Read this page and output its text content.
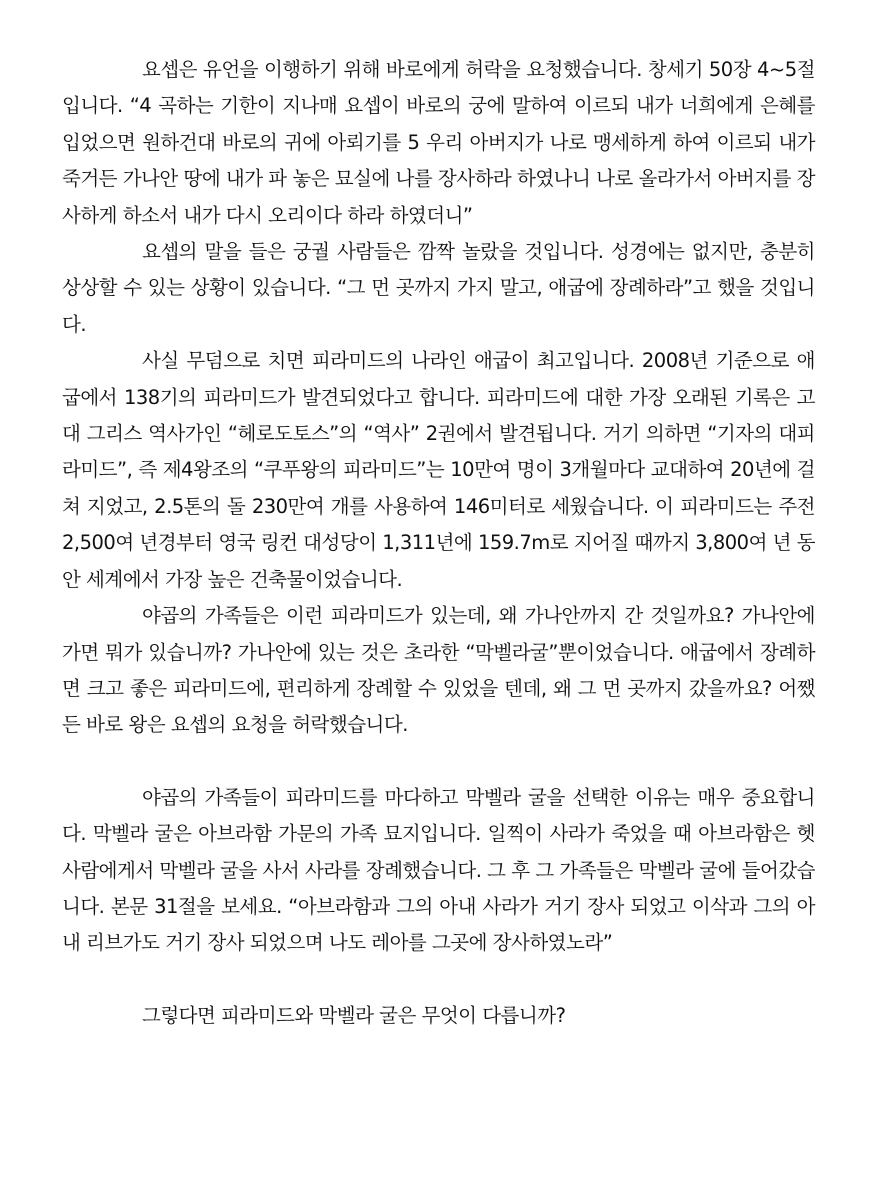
요셉은 유언을 이행하기 위해 바로에게 허락을 요청했습니다. 창세기 50장 4~5절입니다. “4 곡하는 기한이 지나매 요셉이 바로의 궁에 말하여 이르되 내가 너희에게 은혜를 입었으면 원하건대 바로의 귀에 아뢰기를 5 우리 아버지가 나로 맹세하게 하여 이르되 내가 죽거든 가나안 땅에 내가 파 놓은 묘실에 나를 장사하라 하였나니 나로 올라가서 아버지를 장사하게 하소서 내가 다시 오리이다 하라 하였더니”

요셉의 말을 들은 궁궐 사람들은 깜짝 놀랐을 것입니다. 성경에는 없지만, 충분히 상상할 수 있는 상황이 있습니다. “그 먼 곳까지 가지 말고, 애굽에 장례하라”고 했을 것입니다.

사실 무덤으로 치면 피라미드의 나라인 애굽이 최고입니다. 2008년 기준으로 애굽에서 138기의 피라미드가 발견되었다고 합니다. 피라미드에 대한 가장 오래된 기록은 고대 그리스 역사가인 “헤로도토스”의 “역사” 2권에서 발견됩니다. 거기 의하면 “기자의 대피라미드”, 즉 제4왕조의 “쿠푸왕의 피라미드”는 10만여 명이 3개월마다 교대하여 20년에 걸쳐 지었고, 2.5톤의 돌 230만여 개를 사용하여 146미터로 세웠습니다. 이 피라미드는 주전 2,500여 년경부터 영국 링컨 대성당이 1,311년에 159.7m로 지어질 때까지 3,800여 년 동안 세계에서 가장 높은 건축물이었습니다.

야곱의 가족들은 이런 피라미드가 있는데, 왜 가나안까지 간 것일까요? 가나안에 가면 뭐가 있습니까? 가나안에 있는 것은 초라한 “막벨라굴”뿐이었습니다. 애굽에서 장례하면 크고 좋은 피라미드에, 편리하게 장례할 수 있었을 텐데, 왜 그 먼 곳까지 갔을까요? 어쨌든 바로 왕은 요셉의 요청을 허락했습니다.

야곱의 가족들이 피라미드를 마다하고 막벨라 굴을 선택한 이유는 매우 중요합니다. 막벨라 굴은 아브라함 가문의 가족 묘지입니다. 일찍이 사라가 죽었을 때 아브라함은 헷 사람에게서 막벨라 굴을 사서 사라를 장례했습니다. 그 후 그 가족들은 막벨라 굴에 들어갔습니다. 본문 31절을 보세요. “아브라함과 그의 아내 사라가 거기 장사 되었고 이삭과 그의 아내 리브가도 거기 장사 되었으며 나도 레아를 그곳에 장사하였노라”

그렇다면 피라미드와 막벨라 굴은 무엇이 다릅니까?
